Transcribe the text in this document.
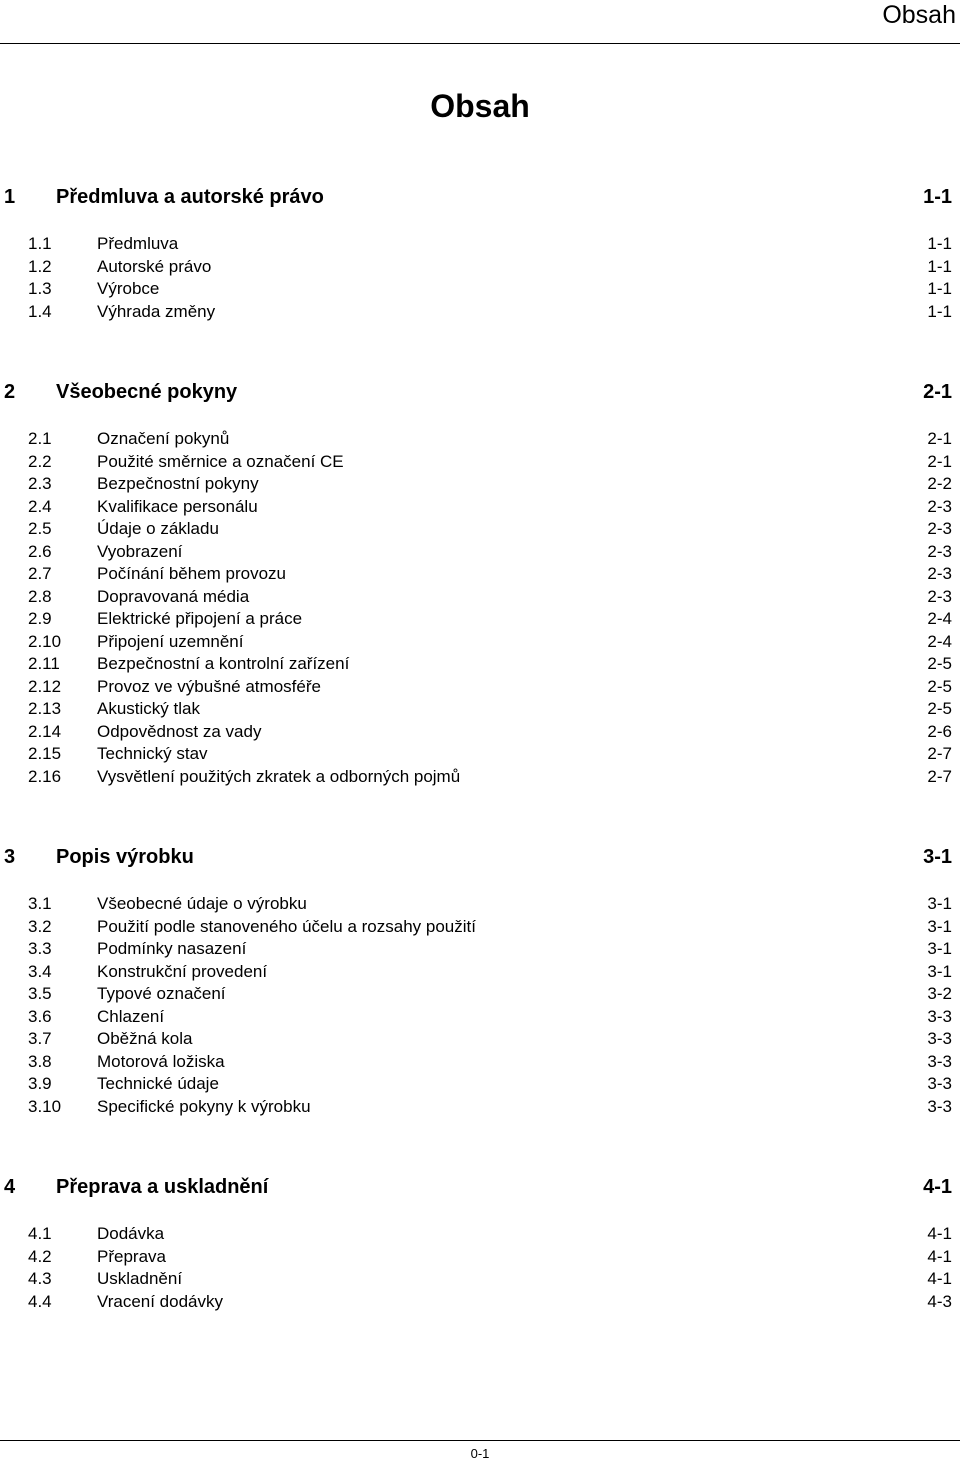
Obsah
Obsah
1 Předmluva a autorské právo	1-1
1.1	Předmluva	1-1
1.2	Autorské právo	1-1
1.3	Výrobce	1-1
1.4	Výhrada změny	1-1
2 Všeobecné pokyny	2-1
2.1	Označení pokynů	2-1
2.2	Použité směrnice a označení CE	2-1
2.3	Bezpečnostní pokyny	2-2
2.4	Kvalifikace personálu	2-3
2.5	Údaje o základu	2-3
2.6	Vyobrazení	2-3
2.7	Počínání během provozu	2-3
2.8	Dopravovaná média	2-3
2.9	Elektrické připojení a práce	2-4
2.10 Připojení uzemnění	2-4
2.11 Bezpečnostní a kontrolní zařízení	2-5
2.12 Provoz ve výbušné atmosféře	2-5
2.13 Akustický tlak	2-5
2.14 Odpovědnost za vady	2-6
2.15 Technický stav	2-7
2.16 Vysvětlení použitých zkratek a odborných pojmů	2-7
3 Popis výrobku	3-1
3.1	Všeobecné údaje o výrobku	3-1
3.2	Použití podle stanoveného účelu a rozsahy použití	3-1
3.3	Podmínky nasazení	3-1
3.4	Konstrukční provedení	3-1
3.5	Typové označení	3-2
3.6	Chlazení	3-3
3.7	Oběžná kola	3-3
3.8	Motorová ložiska	3-3
3.9	Technické údaje	3-3
3.10 Specifické pokyny k výrobku	3-3
4 Přeprava a uskladnění	4-1
4.1	Dodávka	4-1
4.2	Přeprava	4-1
4.3	Uskladnění	4-1
4.4	Vracení dodávky	4-3
0-1
